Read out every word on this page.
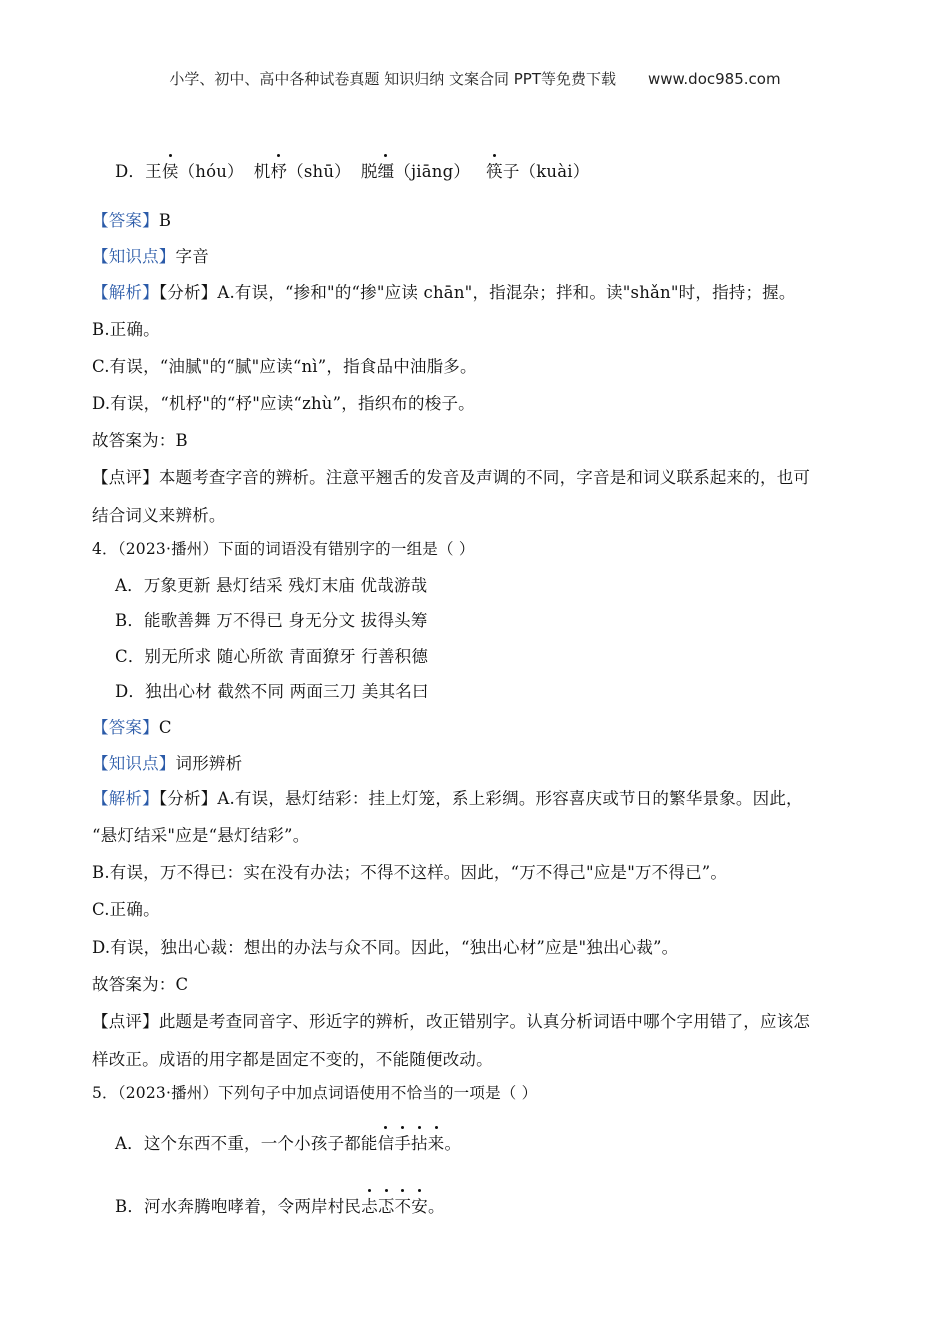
小学、初中、高中各种试卷真题 知识归纳 文案合同 PPT等免费下载 www.doc985.com
D．王侯（hóu） 机杼（shū） 脱缰（jiāng） 筷子（kuài）
【答案】B
【知识点】字音
【解析】【分析】A.有误，“掺和"的“掺"应读 chān"，指混杂；拌和。读"shǎn"时，指持；握。
B.正确。
C.有误，“油腻"的“腻"应读“nì”，指食品中油脂多。
D.有误，“机杼"的“杼"应读“zhù”，指织布的梭子。
故答案为：B
【点评】本题考查字音的辨析。注意平翘舌的发音及声调的不同，字音是和词义联系起来的，也可
结合词义来辨析。
4．（2023·播州）下面的词语没有错别字的一组是（ ）
A．万象更新 悬灯结采 残灯末庙 优哉游哉
B．能歌善舞 万不得已 身无分文 拔得头筹
C．别无所求 随心所欲 青面獠牙 行善积德
D．独出心材 截然不同 两面三刀 美其名曰
【答案】C
【知识点】词形辨析
【解析】【分析】A.有误，悬灯结彩：挂上灯笼，系上彩绸。形容喜庆或节日的繁华景象。因此，
“悬灯结采"应是“悬灯结彩”。
B.有误，万不得已：实在没有办法；不得不这样。因此，“万不得己"应是"万不得已”。
C.正确。
D.有误，独出心裁：想出的办法与众不同。因此，“独出心材”应是"独出心裁”。
故答案为：C
【点评】此题是考查同音字、形近字的辨析，改正错别字。认真分析词语中哪个字用错了，应该怎
样改正。成语的用字都是固定不变的，不能随便改动。
5．（2023·播州）下列句子中加点词语使用不恰当的一项是（ ）
A．这个东西不重，一个小孩子都能信手拈来。
B．河水奔腾咆哮着，令两岸村民忐忑不安。
